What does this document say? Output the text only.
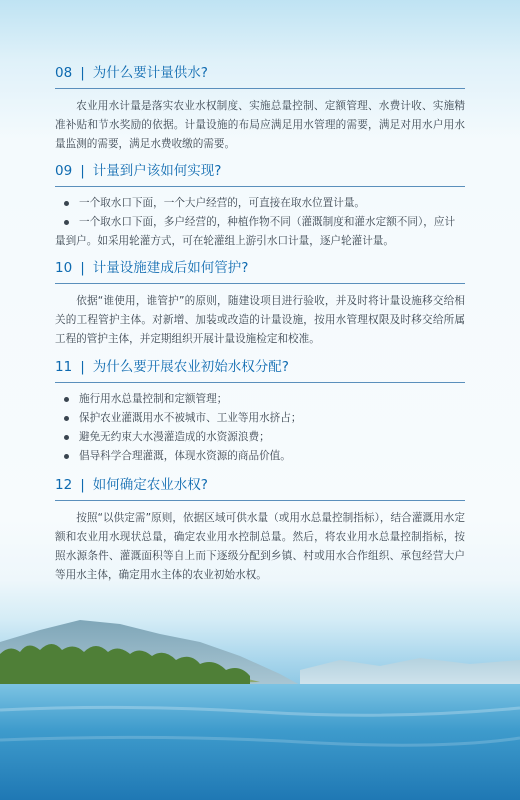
08 | 为什么要计量供水?
农业用水计量是落实农业水权制度、实施总量控制、定额管理、水费计收、实施精准补贴和节水奖励的依据。计量设施的布局应满足用水管理的需要，满足对用水户用水量监测的需要，满足水费收缴的需要。
09 | 计量到户该如何实现?
一个取水口下面，一个大户经营的，可直接在取水位置计量。
一个取水口下面，多户经营的，种植作物不同（灌溉制度和灌水定额不同），应计量到户。如采用轮灌方式，可在轮灌组上游引水口计量，逐户轮灌计量。
10 | 计量设施建成后如何管护?
依据“谁使用，谁管护”的原则，随建设项目进行验收，并及时将计量设施移交给相关的工程管护主体。对新增、加装或改造的计量设施，按用水管理权限及时移交给所属工程的管护主体，并定期组织开展计量设施检定和校准。
11 | 为什么要开展农业初始水权分配?
施行用水总量控制和定额管理；
保护农业灌溉用水不被城市、工业等用水挤占；
避免无约束大水漫灌造成的水资源浪费；
倡导科学合理灌溉，体现水资源的商品价值。
12 | 如何确定农业水权?
按照“以供定需”原则，依据区域可供水量（或用水总量控制指标），结合灌溉用水定额和农业用水现状总量，确定农业用水控制总量。然后，将农业用水总量控制指标，按照水源条件、灌溉面积等自上而下逐级分配到乡镇、村或用水合作组织、承包经营大户等用水主体，确定用水主体的农业初始水权。
